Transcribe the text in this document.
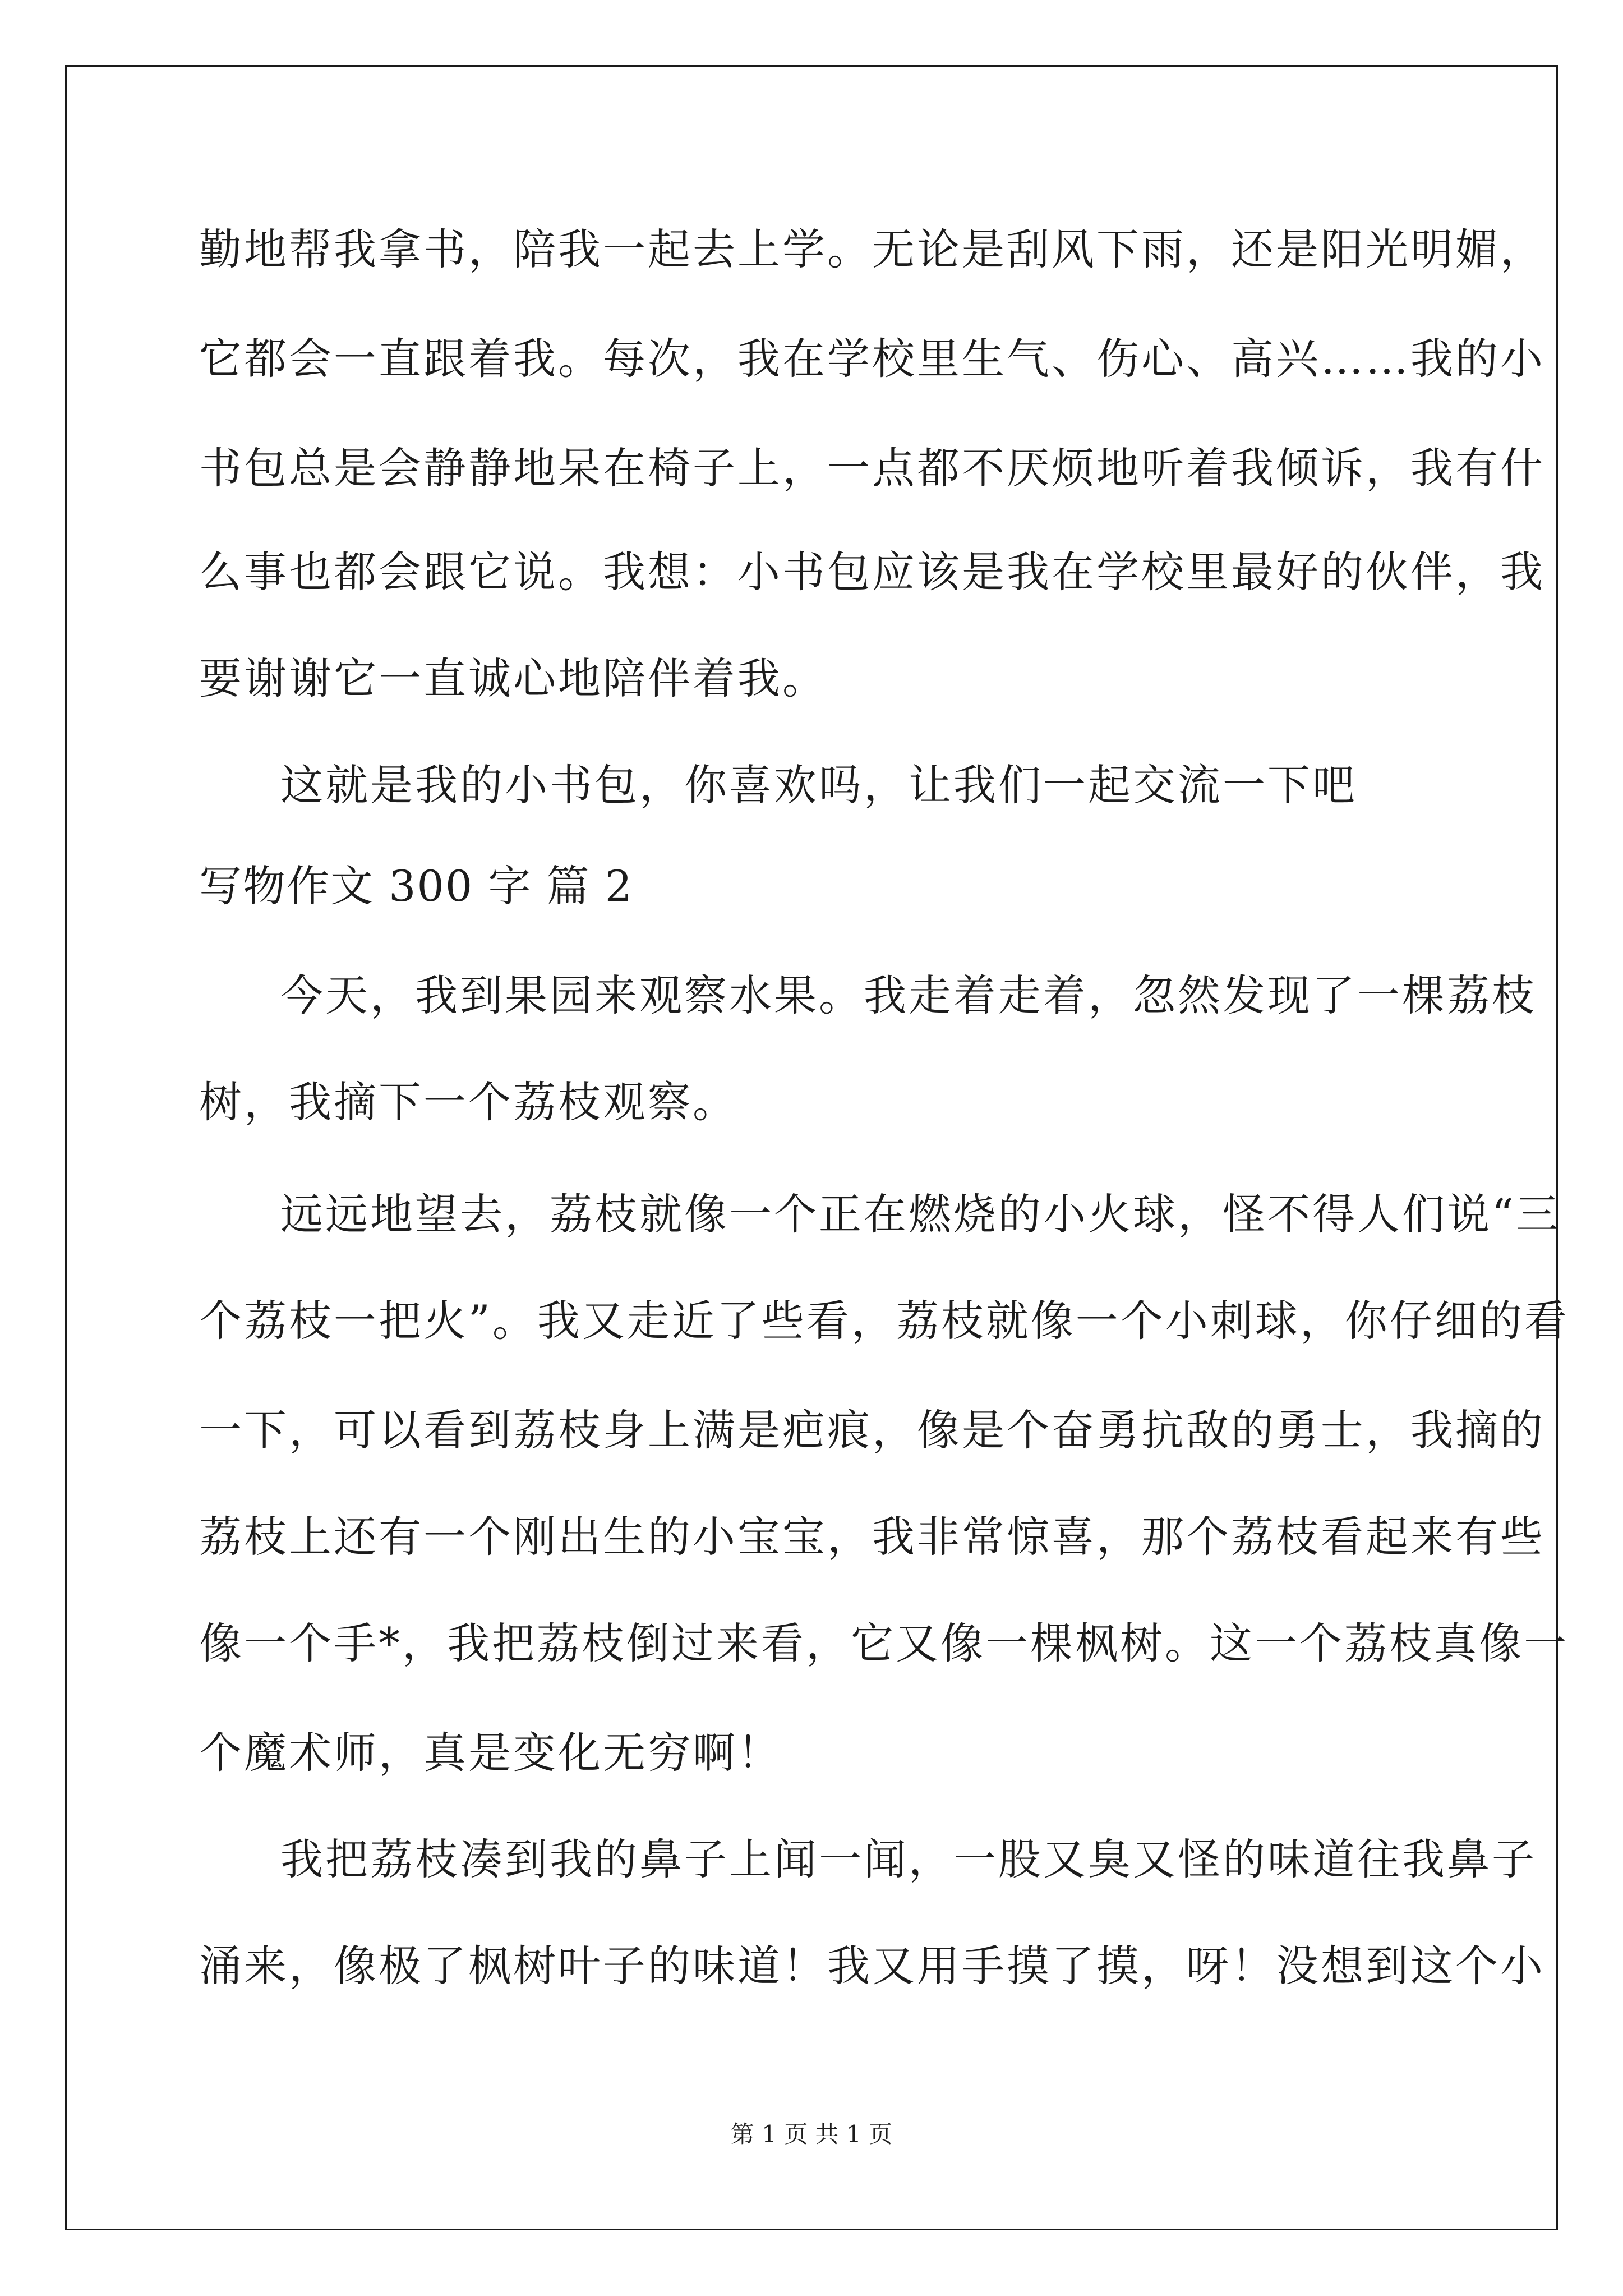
勤地帮我拿书，陪我一起去上学。无论是刮风下雨，还是阳光明媚，
它都会一直跟着我。每次，我在学校里生气、伤心、高兴……我的小
书包总是会静静地呆在椅子上，一点都不厌烦地听着我倾诉，我有什
么事也都会跟它说。我想：小书包应该是我在学校里最好的伙伴，我
要谢谢它一直诚心地陪伴着我。
这就是我的小书包，你喜欢吗，让我们一起交流一下吧
写物作文 300 字 篇 2
今天，我到果园来观察水果。我走着走着，忽然发现了一棵荔枝
树，我摘下一个荔枝观察。
远远地望去，荔枝就像一个正在燃烧的小火球，怪不得人们说“三
个荔枝一把火”。我又走近了些看，荔枝就像一个小刺球，你仔细的看
一下，可以看到荔枝身上满是疤痕，像是个奋勇抗敌的勇士，我摘的
荔枝上还有一个刚出生的小宝宝，我非常惊喜，那个荔枝看起来有些
像一个手*，我把荔枝倒过来看，它又像一棵枫树。这一个荔枝真像一
个魔术师，真是变化无穷啊！
我把荔枝凑到我的鼻子上闻一闻，一股又臭又怪的味道往我鼻子
涌来，像极了枫树叶子的味道！我又用手摸了摸，呀！没想到这个小
第 1 页 共 1 页
